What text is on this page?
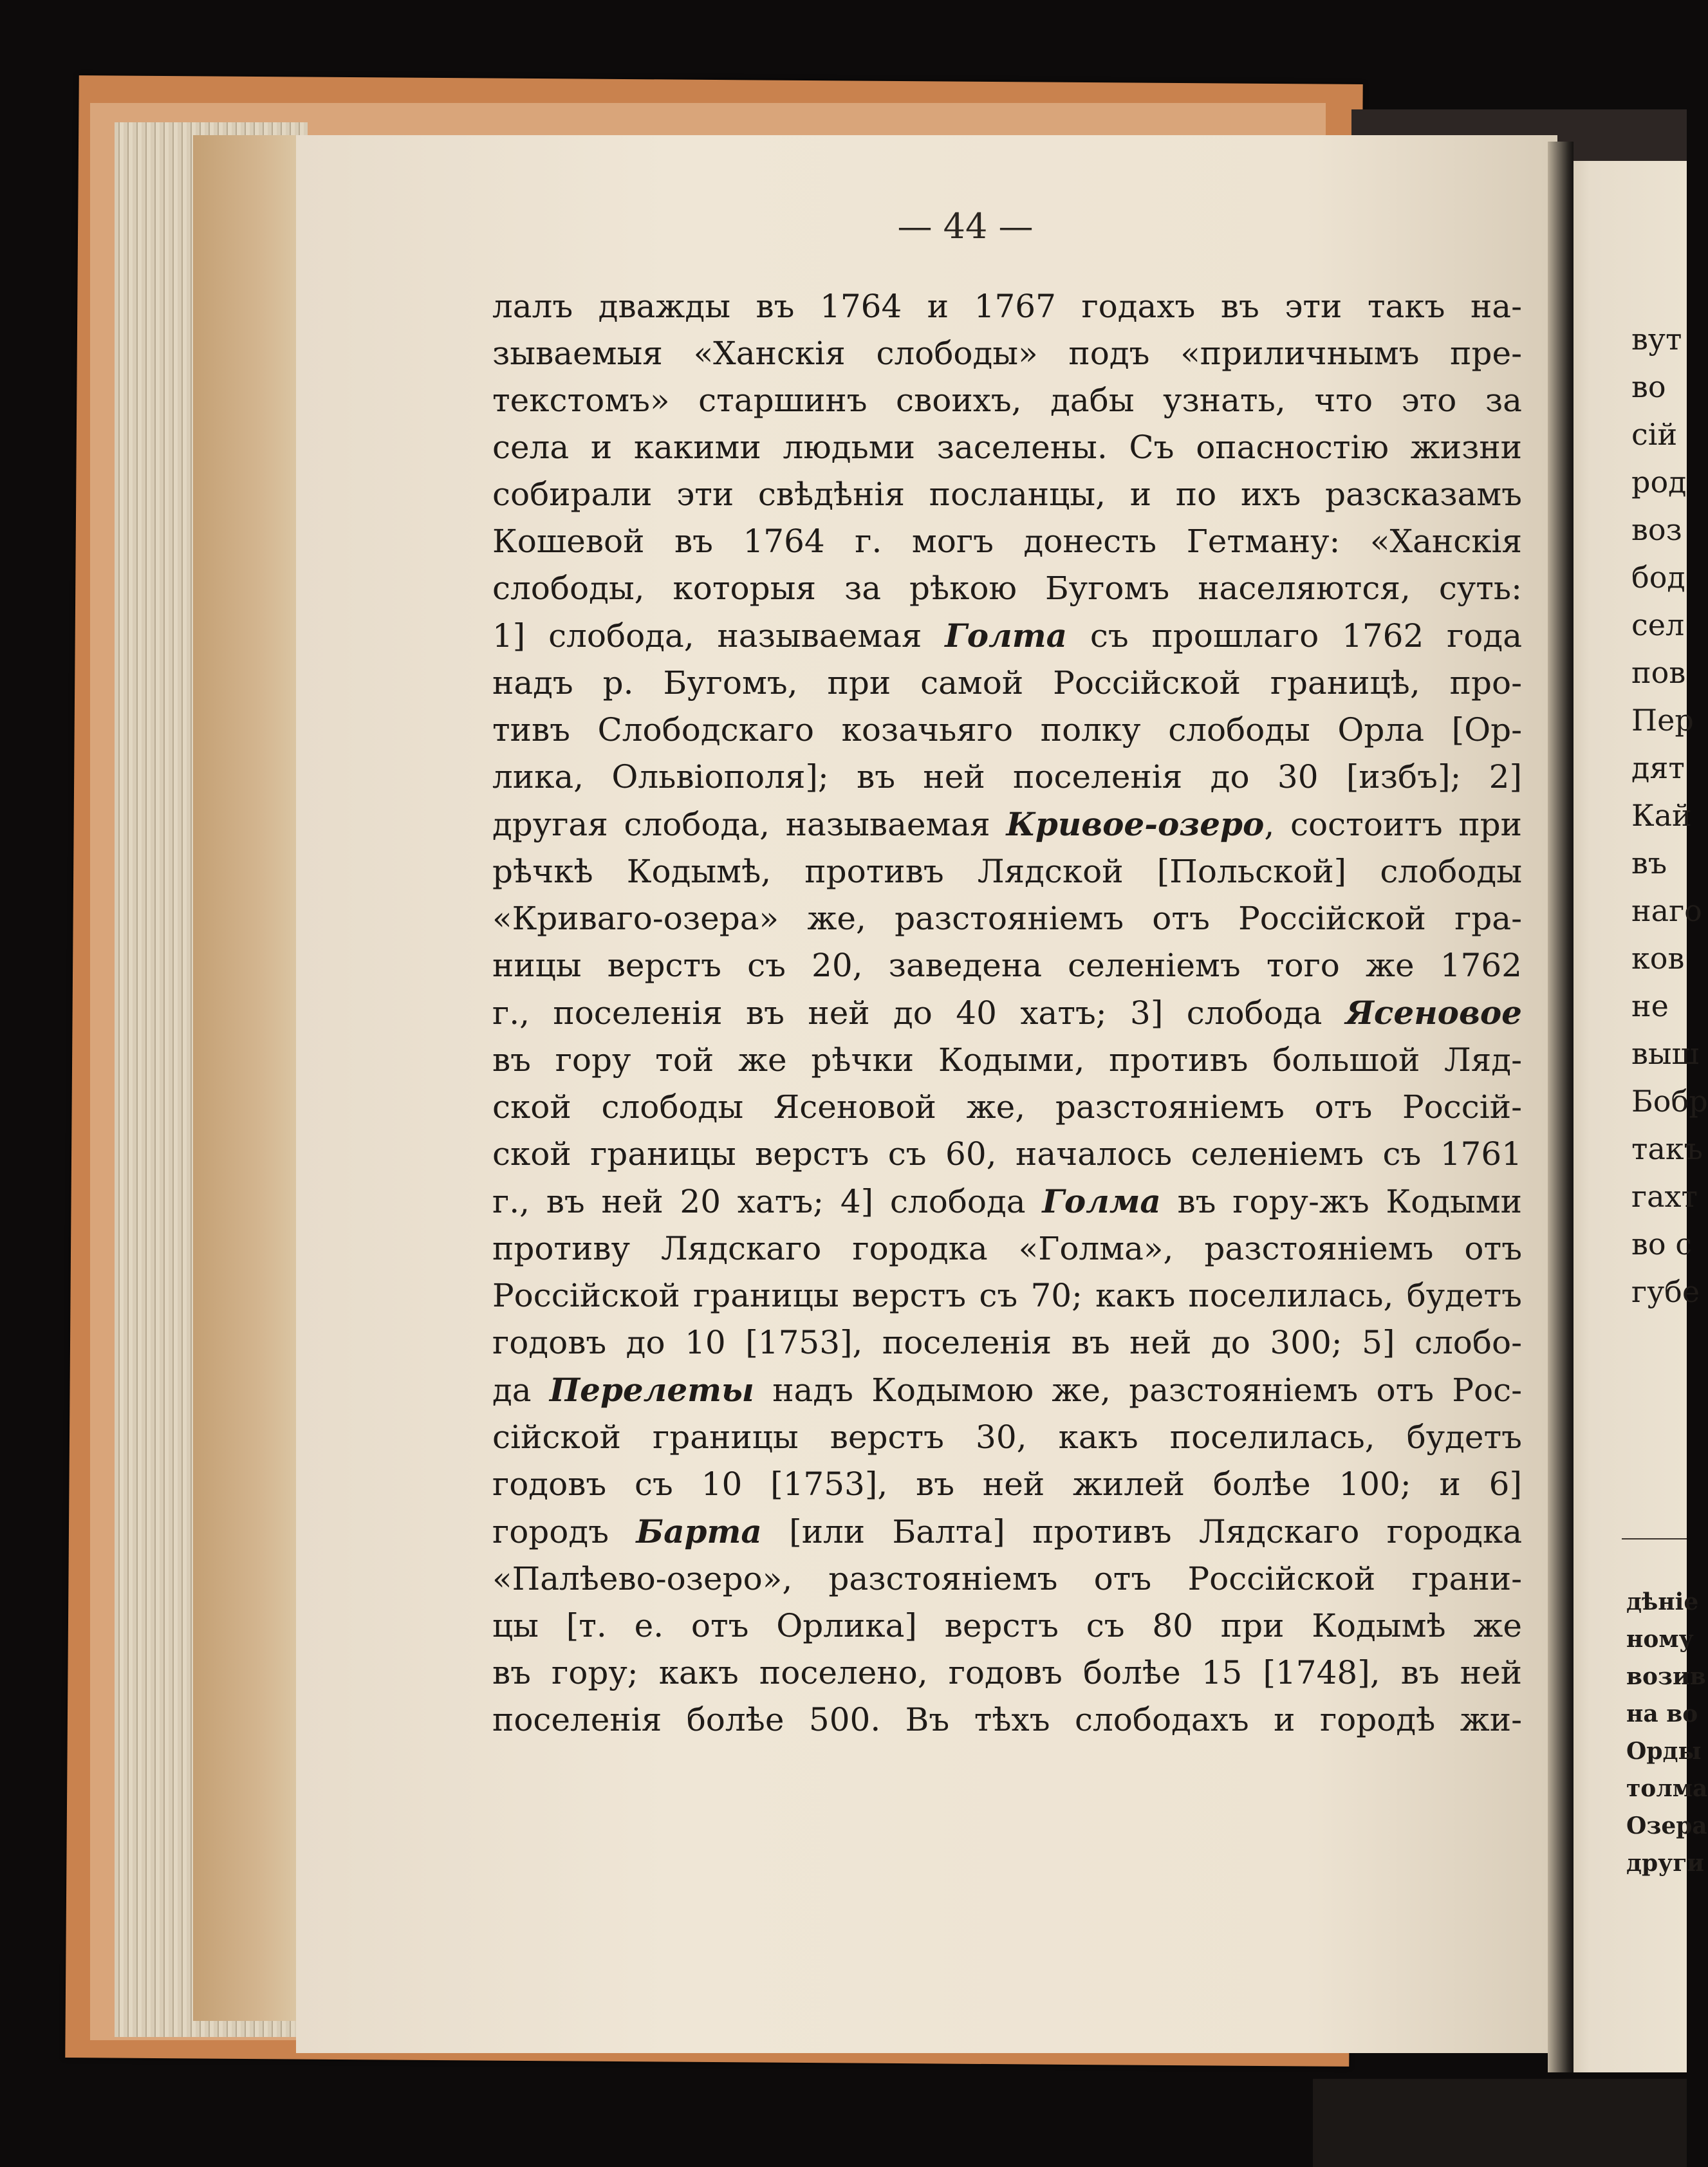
— 44 —
лалъ дважды въ 1764 и 1767 годахъ въ эти такъ на-
зываемыя «Ханскія слободы» подъ «приличнымъ пре-
текстомъ» старшинъ своихъ, дабы узнать, что это за
села и какими людьми заселены. Съ опасностію жизни
собирали эти свѣдѣнія посланцы, и по ихъ разсказамъ
Кошевой въ 1764 г. могъ донесть Гетману: «Ханскія
слободы, которыя за рѣкою Бугомъ населяются, суть:
1] слобода, называемая Голта съ прошлаго 1762 года
надъ р. Бугомъ, при самой Россійской границѣ, про-
тивъ Слободскаго козачьяго полку слободы Орла [Ор-
лика, Ольвіополя]; въ ней поселенія до 30 [избъ]; 2]
другая слобода, называемая Кривое-озеро, состоитъ при
рѣчкѣ Кодымѣ, противъ Лядской [Польской] слободы
«Криваго-озера» же, разстояніемъ отъ Россійской гра-
ницы верстъ съ 20, заведена селеніемъ того же 1762
г., поселенія въ ней до 40 хатъ; 3] слобода Ясеновое
въ гору той же рѣчки Кодыми, противъ большой Ляд-
ской слободы Ясеновой же, разстояніемъ отъ Россій-
ской границы верстъ съ 60, началось селеніемъ съ 1761
г., въ ней 20 хатъ; 4] слобода Голма въ гору-жъ Кодыми
противу Лядскаго городка «Голма», разстояніемъ отъ
Россійской границы верстъ съ 70; какъ поселилась, будетъ
годовъ до 10 [1753], поселенія въ ней до 300; 5] слобо-
да Перелеты надъ Кодымою же, разстояніемъ отъ Рос-
сійской границы верстъ 30, какъ поселилась, будетъ
годовъ съ 10 [1753], въ ней жилей болѣе 100; и 6]
городъ Барта [или Балта] противъ Лядскаго городка
«Палѣево-озеро», разстояніемъ отъ Россійской грани-
цы [т. е. отъ Орлика] верстъ съ 80 при Кодымѣ же
въ гору; какъ поселено, годовъ болѣе 15 [1748], въ ней
поселенія болѣе 500. Въ тѣхъ слободахъ и городѣ жи-
вут
во
сій
род
воз
бод
сел
пов
Пер
дят
Кай
въ
наго
ков
не
выш
Бобр
такъ
гахт
во с
губе
дѣніе
ному
возив
на во
Орды
толма
Озера
други
